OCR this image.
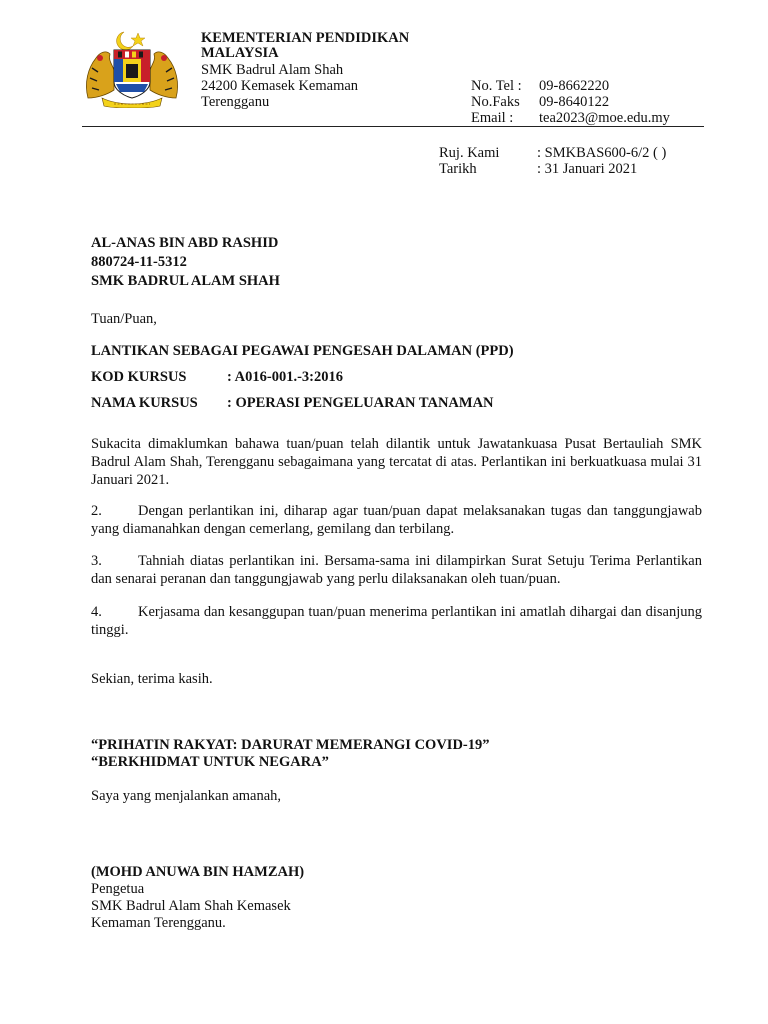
KEMENTERIAN PENDIDIKAN
MALAYSIA
SMK Badrul Alam Shah
24200 Kemasek Kemaman
Terengganu
No. Tel : 09-8662220
No.Faks 09-8640122
Email : tea2023@moe.edu.my
Ruj. Kami	: SMKBAS600-6/2 ( )
Tarikh	: 31 Januari 2021
AL-ANAS BIN ABD RASHID
880724-11-5312
SMK BADRUL ALAM SHAH
Tuan/Puan,
LANTIKAN SEBAGAI PEGAWAI PENGESAH DALAMAN (PPD)
KOD KURSUS	: A016-001.-3:2016
NAMA KURSUS : OPERASI PENGELUARAN TANAMAN
Sukacita dimaklumkan bahawa tuan/puan telah dilantik untuk Jawatankuasa Pusat Bertauliah SMK Badrul Alam Shah, Terengganu sebagaimana yang tercatat di atas. Perlantikan ini berkuatkuasa mulai 31 Januari 2021.
2. Dengan perlantikan ini, diharap agar tuan/puan dapat melaksanakan tugas dan tanggungjawab yang diamanahkan dengan cemerlang, gemilang dan terbilang.
3. Tahniah diatas perlantikan ini. Bersama-sama ini dilampirkan Surat Setuju Terima Perlantikan dan senarai peranan dan tanggungjawab yang perlu dilaksanakan oleh tuan/puan.
4. Kerjasama dan kesanggupan tuan/puan menerima perlantikan ini amatlah dihargai dan disanjung tinggi.
Sekian, terima kasih.
“PRIHATIN RAKYAT: DARURAT MEMERANGI COVID-19”
“BERKHIDMAT UNTUK NEGARA”
Saya yang menjalankan amanah,
(MOHD ANUWA BIN HAMZAH)
Pengetua
SMK Badrul Alam Shah Kemasek
Kemaman Terengganu.
